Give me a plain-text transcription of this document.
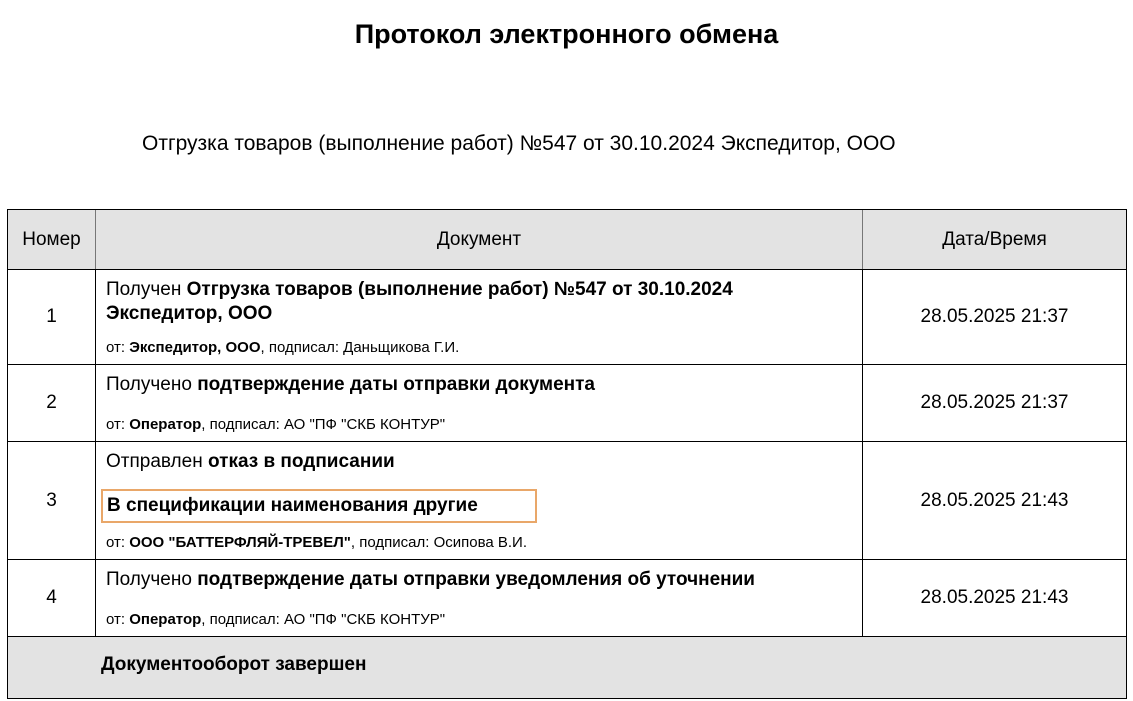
Протокол электронного обмена
Отгрузка товаров (выполнение работ) №547 от 30.10.2024 Экспедитор, ООО
Номер	Документ	Дата/Время
1
Получен Отгрузка товаров (выполнение работ) №547 от 30.10.2024 Экспедитор, ООО
от: Экспедитор, ООО, подписал: Даньщикова Г.И.
28.05.2025 21:37
2
Получено подтверждение даты отправки документа
от: Оператор, подписал: АО "ПФ "СКБ КОНТУР"
28.05.2025 21:37
3
Отправлен отказ в подписании
В спецификации наименования другие
от: ООО "БАТТЕРФЛЯЙ-ТРЕВЕЛ", подписал: Осипова В.И.
28.05.2025 21:43
4
Получено подтверждение даты отправки уведомления об уточнении
от: Оператор, подписал: АО "ПФ "СКБ КОНТУР"
28.05.2025 21:43
Документооборот завершен
